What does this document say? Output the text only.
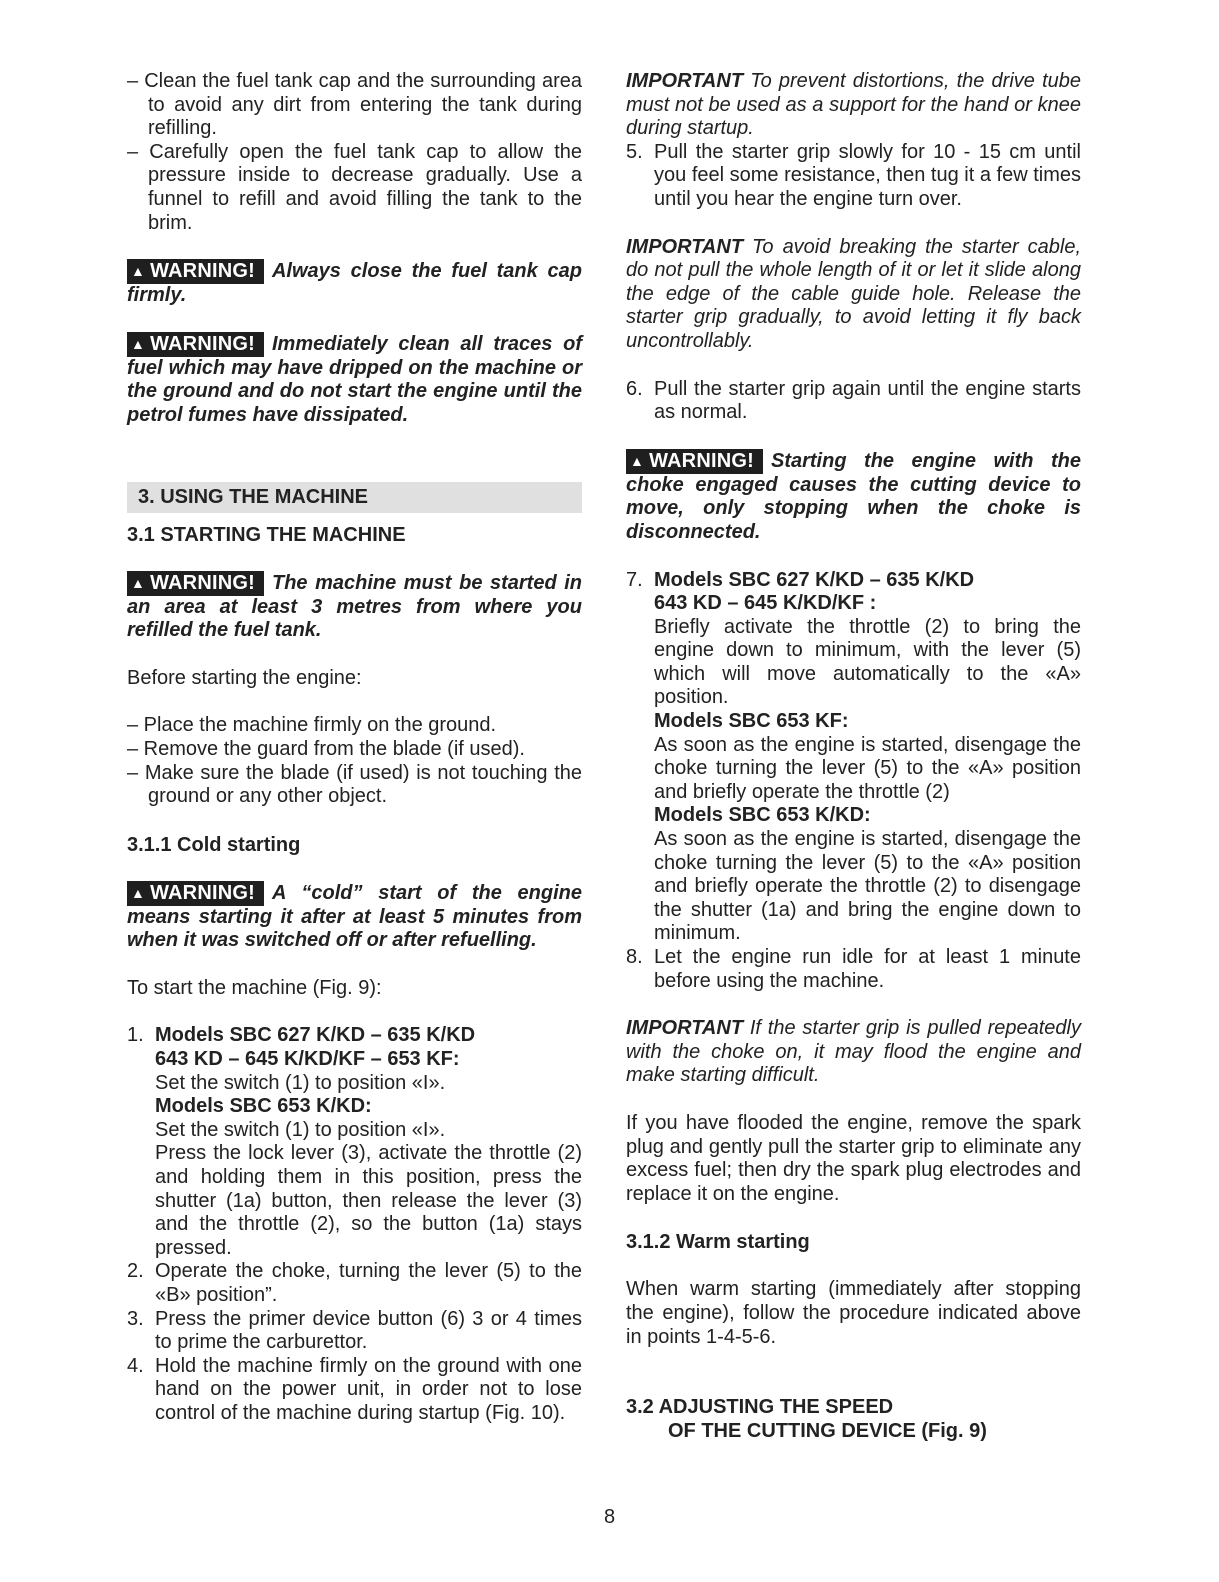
– Clean the fuel tank cap and the surrounding area to avoid any dirt from entering the tank during refilling.

– Carefully open the fuel tank cap to allow the pressure inside to decrease gradually. Use a funnel to refill and avoid filling the tank to the brim.

▲ WARNING! Always close the fuel tank cap firmly.

▲ WARNING! Immediately clean all traces of fuel which may have dripped on the machine or the ground and do not start the engine until the petrol fumes have dissipated.

3. USING THE MACHINE
3.1 STARTING THE MACHINE

▲ WARNING! The machine must be started in an area at least 3 metres from where you refilled the fuel tank.

Before starting the engine:

– Place the machine firmly on the ground.

– Remove the guard from the blade (if used).

– Make sure the blade (if used) is not touching the ground or any other object.

3.1.1 Cold starting

▲ WARNING! A “cold” start of the engine means starting it after at least 5 minutes from when it was switched off or after refuelling.

To start the machine (Fig. 9):

1. Models SBC 627 K/KD – 635 K/KD
643 KD – 645 K/KD/KF – 653 KF:
Set the switch (1) to position «I».
Models SBC 653 K/KD:
Set the switch (1) to position «I».
Press the lock lever (3), activate the throttle (2) and holding them in this position, press the shutter (1a) button, then release the lever (3) and the throttle (2), so the button (1a) stays pressed.
2. Operate the choke, turning the lever (5) to the «B» position”.
3. Press the primer device button (6) 3 or 4 times to prime the carburettor.
4. Hold the machine firmly on the ground with one hand on the power unit, in order not to lose control of the machine during startup (Fig. 10).

IMPORTANT To prevent distortions, the drive tube must not be used as a support for the hand or knee during startup.

5. Pull the starter grip slowly for 10 - 15 cm until you feel some resistance, then tug it a few times until you hear the engine turn over.

IMPORTANT To avoid breaking the starter cable, do not pull the whole length of it or let it slide along the edge of the cable guide hole. Release the starter grip gradually, to avoid letting it fly back uncontrollably.

6. Pull the starter grip again until the engine starts as normal.

▲ WARNING! Starting the engine with the choke engaged causes the cutting device to move, only stopping when the choke is disconnected.

7. Models SBC 627 K/KD – 635 K/KD
643 KD – 645 K/KD/KF :
Briefly activate the throttle (2) to bring the engine down to minimum, with the lever (5) which will move automatically to the «A» position.
Models SBC 653 KF:
As soon as the engine is started, disengage the choke turning the lever (5) to the «A» position and briefly operate the throttle (2)
Models SBC 653 K/KD:
As soon as the engine is started, disengage the choke turning the lever (5) to the «A» position and briefly operate the throttle (2) to disengage the shutter (1a) and bring the engine down to minimum.
8. Let the engine run idle for at least 1 minute before using the machine.

IMPORTANT If the starter grip is pulled repeatedly with the choke on, it may flood the engine and make starting difficult.

If you have flooded the engine, remove the spark plug and gently pull the starter grip to eliminate any excess fuel; then dry the spark plug electrodes and replace it on the engine.

3.1.2 Warm starting

When warm starting (immediately after stopping the engine), follow the procedure indicated above in points 1-4-5-6.

3.2 ADJUSTING THE SPEED
OF THE CUTTING DEVICE (Fig. 9)
8
